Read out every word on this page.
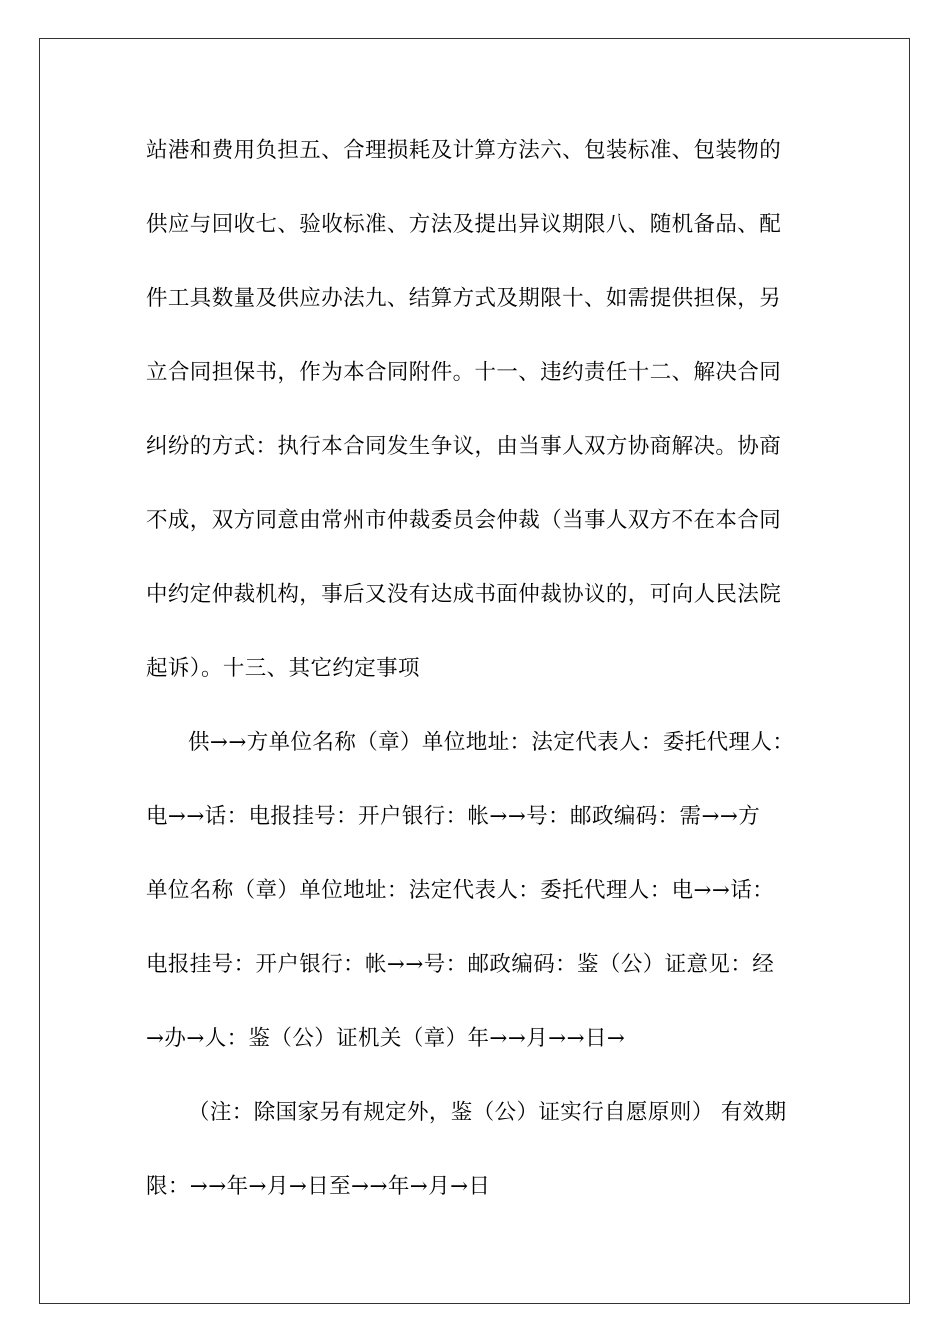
站港和费用负担五、合理损耗及计算方法六、包装标准、包装物的
供应与回收七、验收标准、方法及提出异议期限八、随机备品、配
件工具数量及供应办法九、结算方式及期限十、如需提供担保，另
立合同担保书，作为本合同附件。十一、违约责任十二、解决合同
纠纷的方式：执行本合同发生争议，由当事人双方协商解决。协商
不成，双方同意由常州市仲裁委员会仲裁（当事人双方不在本合同
中约定仲裁机构，事后又没有达成书面仲裁协议的，可向人民法院
起诉）。十三、其它约定事项
供→→方单位名称（章）单位地址：法定代表人：委托代理人：
电→→话：电报挂号：开户银行：帐→→号：邮政编码：需→→方
单位名称（章）单位地址：法定代表人：委托代理人：电→→话：
电报挂号：开户银行：帐→→号：邮政编码：鉴（公）证意见：经
→办→人：鉴（公）证机关（章）年→→月→→日→
（注：除国家另有规定外，鉴（公）证实行自愿原则） 有效期
限：→→年→月→日至→→年→月→日
